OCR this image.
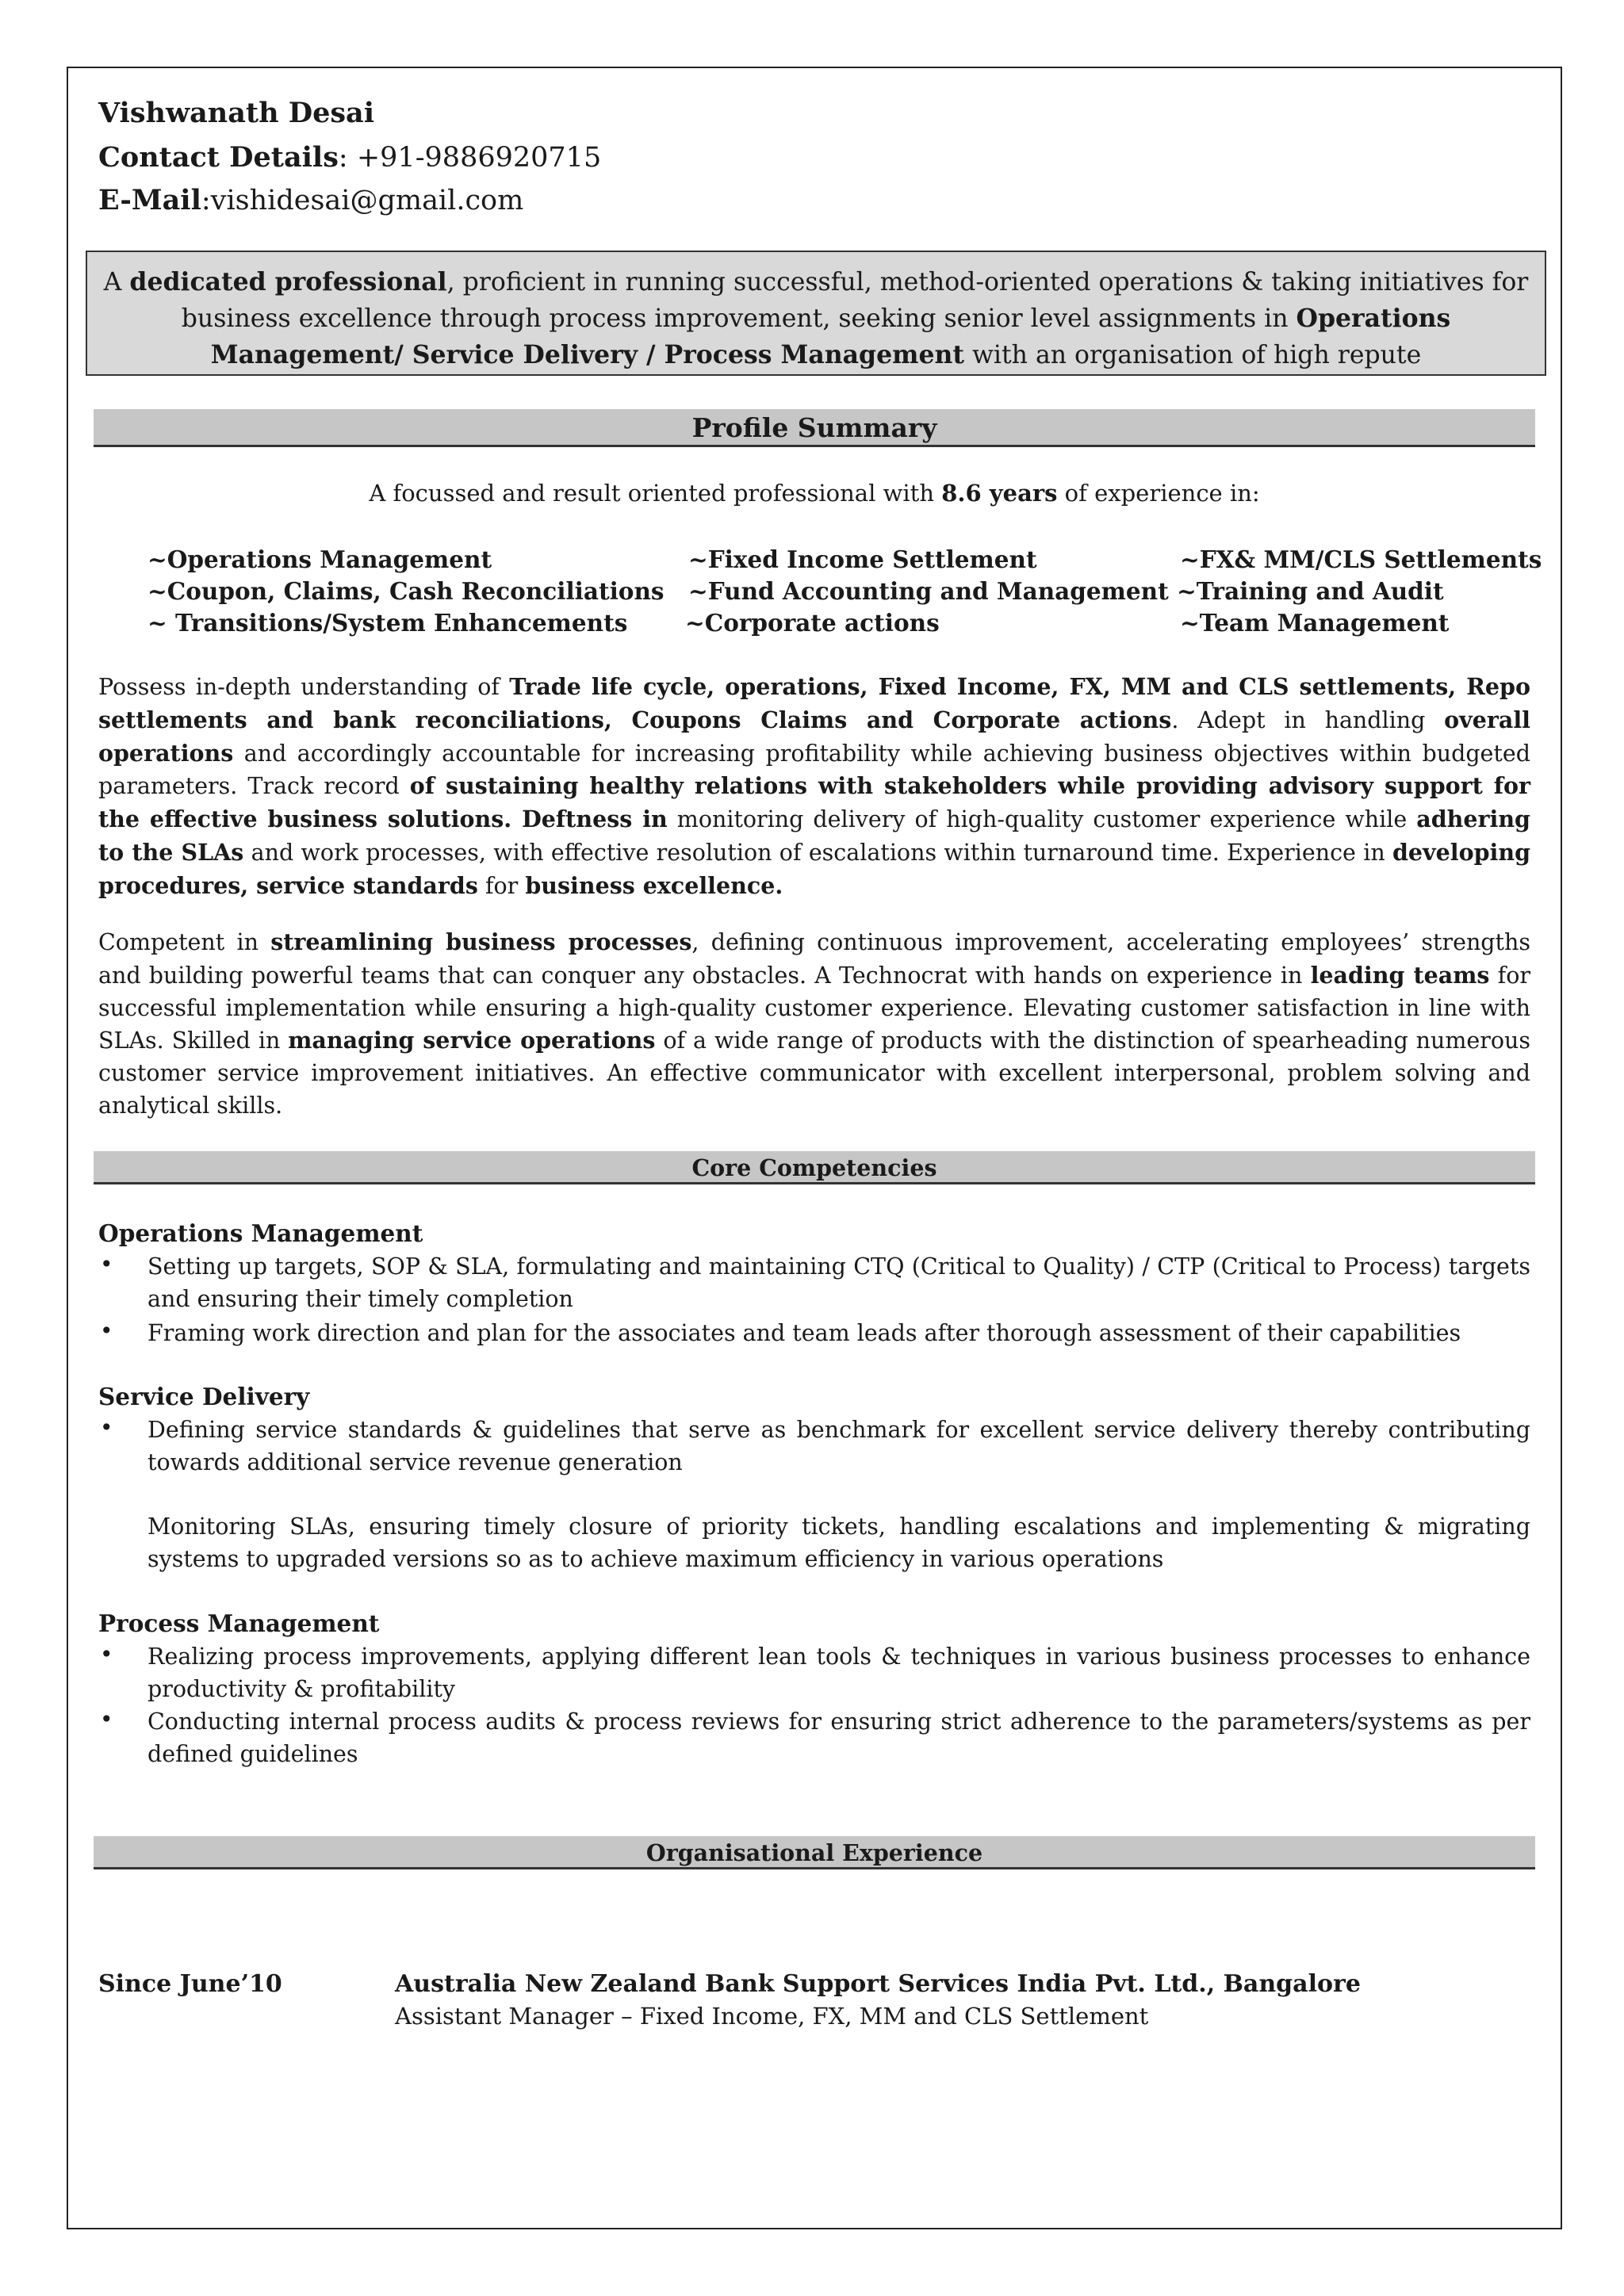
Vishwanath Desai
Contact Details: +91-9886920715
E-Mail:vishidesai@gmail.com
A dedicated professional, proficient in running successful, method-oriented operations & taking initiatives for business excellence through process improvement, seeking senior level assignments in Operations Management/ Service Delivery / Process Management with an organisation of high repute
Profile Summary
A focussed and result oriented professional with 8.6 years of experience in:
~Operations Management	~Fixed Income Settlement	~FX& MM/CLS Settlements
~Coupon, Claims, Cash Reconciliations ~Fund Accounting and Management ~Training and Audit
~ Transitions/System Enhancements ~Corporate actions	~Team Management
Possess in-depth understanding of Trade life cycle, operations, Fixed Income, FX, MM and CLS settlements, Repo settlements and bank reconciliations, Coupons Claims and Corporate actions. Adept in handling overall operations and accordingly accountable for increasing profitability while achieving business objectives within budgeted parameters. Track record of sustaining healthy relations with stakeholders while providing advisory support for the effective business solutions. Deftness in monitoring delivery of high-quality customer experience while adhering to the SLAs and work processes, with effective resolution of escalations within turnaround time. Experience in developing procedures, service standards for business excellence.
Competent in streamlining business processes, defining continuous improvement, accelerating employees’ strengths and building powerful teams that can conquer any obstacles. A Technocrat with hands on experience in leading teams for successful implementation while ensuring a high-quality customer experience. Elevating customer satisfaction in line with SLAs. Skilled in managing service operations of a wide range of products with the distinction of spearheading numerous customer service improvement initiatives. An effective communicator with excellent interpersonal, problem solving and analytical skills.
Core Competencies
Operations Management
• Setting up targets, SOP & SLA, formulating and maintaining CTQ (Critical to Quality) / CTP (Critical to Process) targets and ensuring their timely completion
• Framing work direction and plan for the associates and team leads after thorough assessment of their capabilities
Service Delivery
• Defining service standards & guidelines that serve as benchmark for excellent service delivery thereby contributing towards additional service revenue generation
Monitoring SLAs, ensuring timely closure of priority tickets, handling escalations and implementing & migrating systems to upgraded versions so as to achieve maximum efficiency in various operations
Process Management
• Realizing process improvements, applying different lean tools & techniques in various business processes to enhance productivity & profitability
• Conducting internal process audits & process reviews for ensuring strict adherence to the parameters/systems as per defined guidelines
Organisational Experience
Since June’10	Australia New Zealand Bank Support Services India Pvt. Ltd., Bangalore
Assistant Manager – Fixed Income, FX, MM and CLS Settlement
